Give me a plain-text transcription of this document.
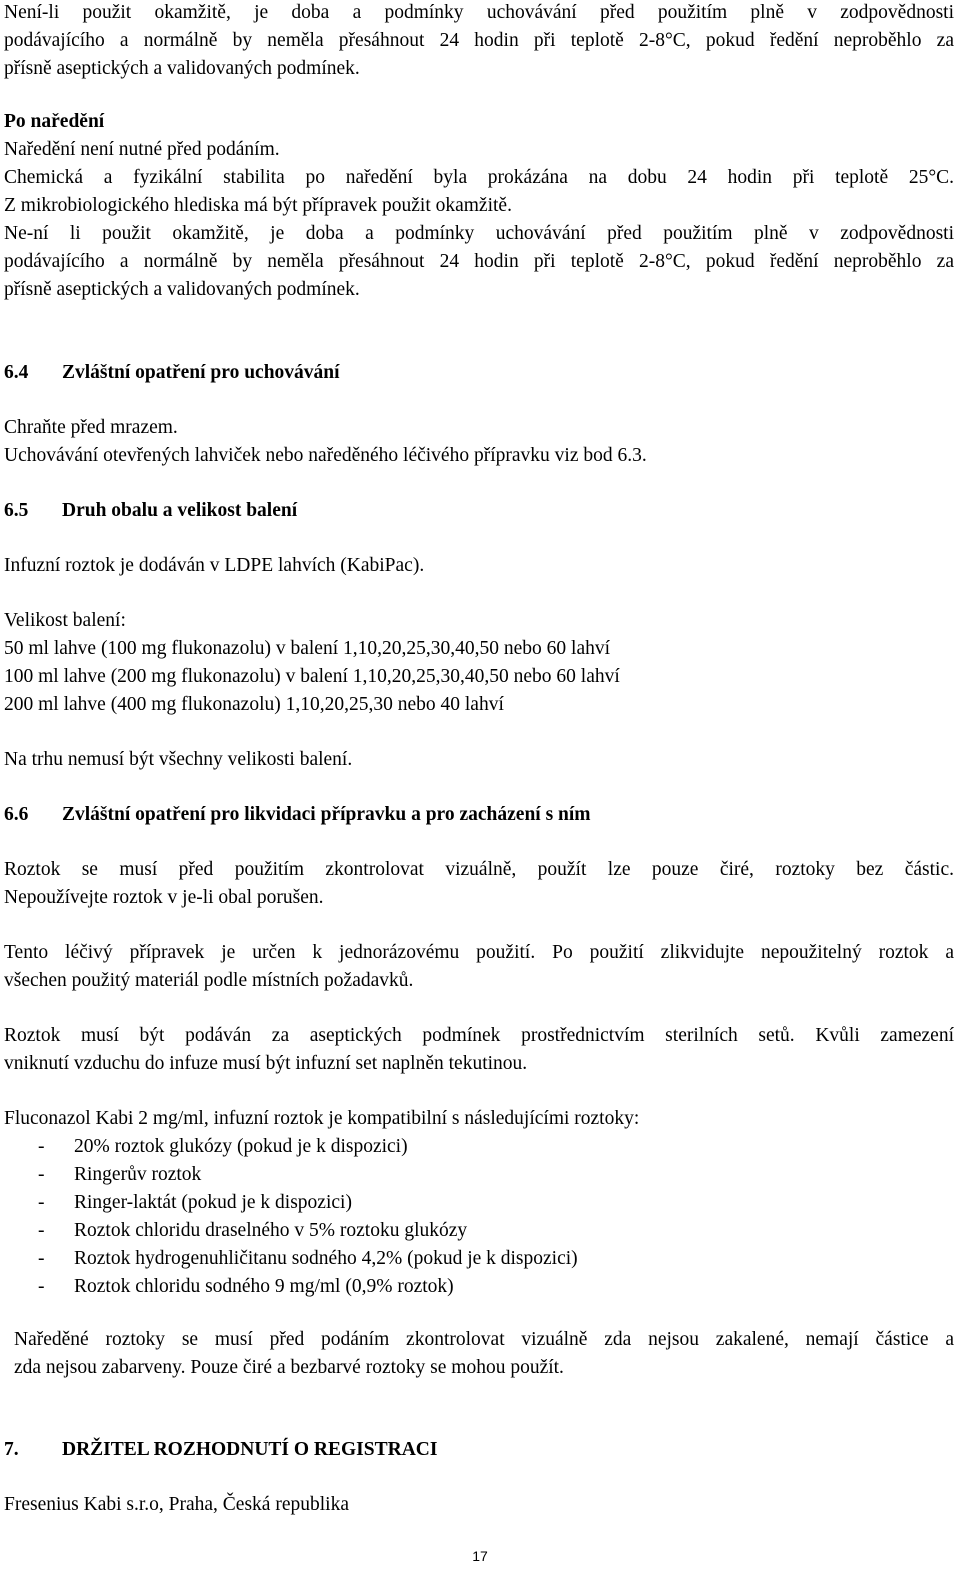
Není-li použit okamžitě, je doba a podmínky uchovávání před použitím plně v zodpovědnosti
podávajícího a normálně by neměla přesáhnout 24 hodin při teplotě 2-8°C, pokud ředění neproběhlo za
přísně aseptických a validovaných podmínek.
Po naředění
Naředění není nutné před podáním.
Chemická a fyzikální stabilita po naředění byla prokázána na dobu 24 hodin při teplotě 25°C.
Z mikrobiologického hlediska má být přípravek použit okamžitě.
Ne-ní li použit okamžitě, je doba a podmínky uchovávání před použitím plně v zodpovědnosti
podávajícího a normálně by neměla přesáhnout 24 hodin při teplotě 2-8°C, pokud ředění neproběhlo za
přísně aseptických a validovaných podmínek.
6.4 Zvláštní opatření pro uchovávání
Chraňte před mrazem.
Uchovávání otevřených lahviček nebo naředěného léčivého přípravku viz bod 6.3.
6.5 Druh obalu a velikost balení
Infuzní roztok je dodáván v LDPE lahvích (KabiPac).
Velikost balení:
50 ml lahve (100 mg flukonazolu) v balení 1,10,20,25,30,40,50 nebo 60 lahví
100 ml lahve (200 mg flukonazolu) v balení 1,10,20,25,30,40,50 nebo 60 lahví
200 ml lahve (400 mg flukonazolu) 1,10,20,25,30 nebo 40 lahví
Na trhu nemusí být všechny velikosti balení.
6.6 Zvláštní opatření pro likvidaci přípravku a pro zacházení s ním
Roztok se musí před použitím zkontrolovat vizuálně, použít lze pouze čiré, roztoky bez částic.
Nepoužívejte roztok v je-li obal porušen.
Tento léčivý přípravek je určen k jednorázovému použití. Po použití zlikvidujte nepoužitelný roztok a
všechen použitý materiál podle místních požadavků.
Roztok musí být podáván za aseptických podmínek prostřednictvím sterilních setů. Kvůli zamezení
vniknutí vzduchu do infuze musí být infuzní set naplněn tekutinou.
Fluconazol Kabi 2 mg/ml, infuzní roztok je kompatibilní s následujícími roztoky:
- 20% roztok glukózy (pokud je k dispozici)
- Ringerův roztok
- Ringer-laktát (pokud je k dispozici)
- Roztok chloridu draselného v 5% roztoku glukózy
- Roztok hydrogenuhličitanu sodného 4,2% (pokud je k dispozici)
- Roztok chloridu sodného 9 mg/ml (0,9% roztok)
Naředěné roztoky se musí před podáním zkontrolovat vizuálně zda nejsou zakalené, nemají částice a
zda nejsou zabarveny. Pouze čiré a bezbarvé roztoky se mohou použít.
7. DRŽITEL ROZHODNUTÍ O REGISTRACI
Fresenius Kabi s.r.o, Praha, Česká republika
17
